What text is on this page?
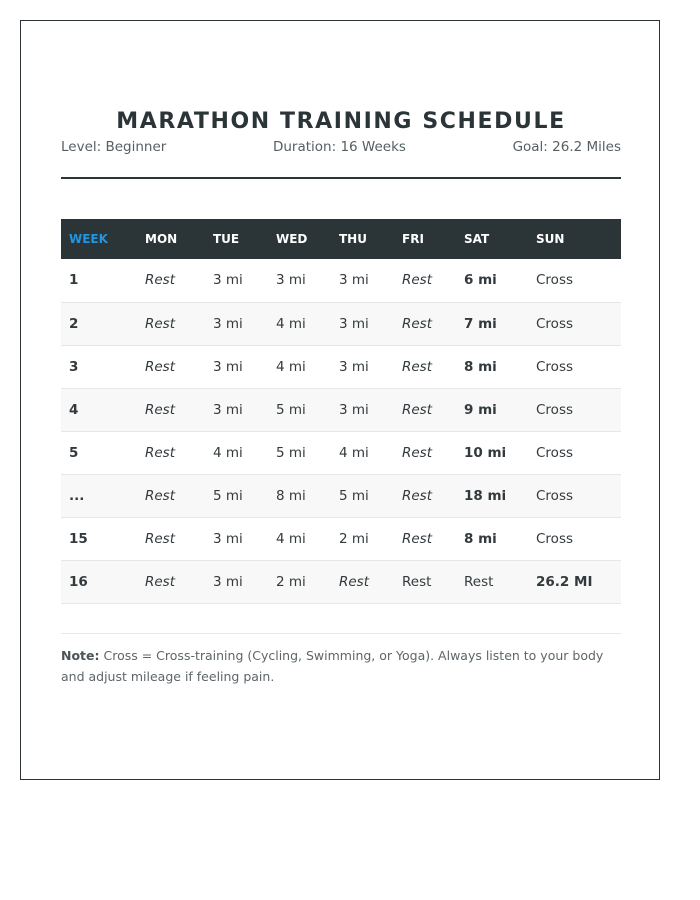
MARATHON TRAINING SCHEDULE
Level: Beginner	Duration: 16 Weeks	Goal: 26.2 Miles
WEEK	MON	TUE	WED	THU	FRI	SAT	SUN
1	Rest	3 mi	3 mi	3 mi	Rest	6 mi	Cross
2	Rest	3 mi	4 mi	3 mi	Rest	7 mi	Cross
3	Rest	3 mi	4 mi	3 mi	Rest	8 mi	Cross
4	Rest	3 mi	5 mi	3 mi	Rest	9 mi	Cross
5	Rest	4 mi	5 mi	4 mi	Rest	10 mi	Cross
...	Rest	5 mi	8 mi	5 mi	Rest	18 mi	Cross
15	Rest	3 mi	4 mi	2 mi	Rest	8 mi	Cross
16	Rest	3 mi	2 mi	Rest	Rest	Rest	26.2 MI
Note: Cross = Cross-training (Cycling, Swimming, or Yoga). Always listen to your body and adjust mileage if feeling pain.
